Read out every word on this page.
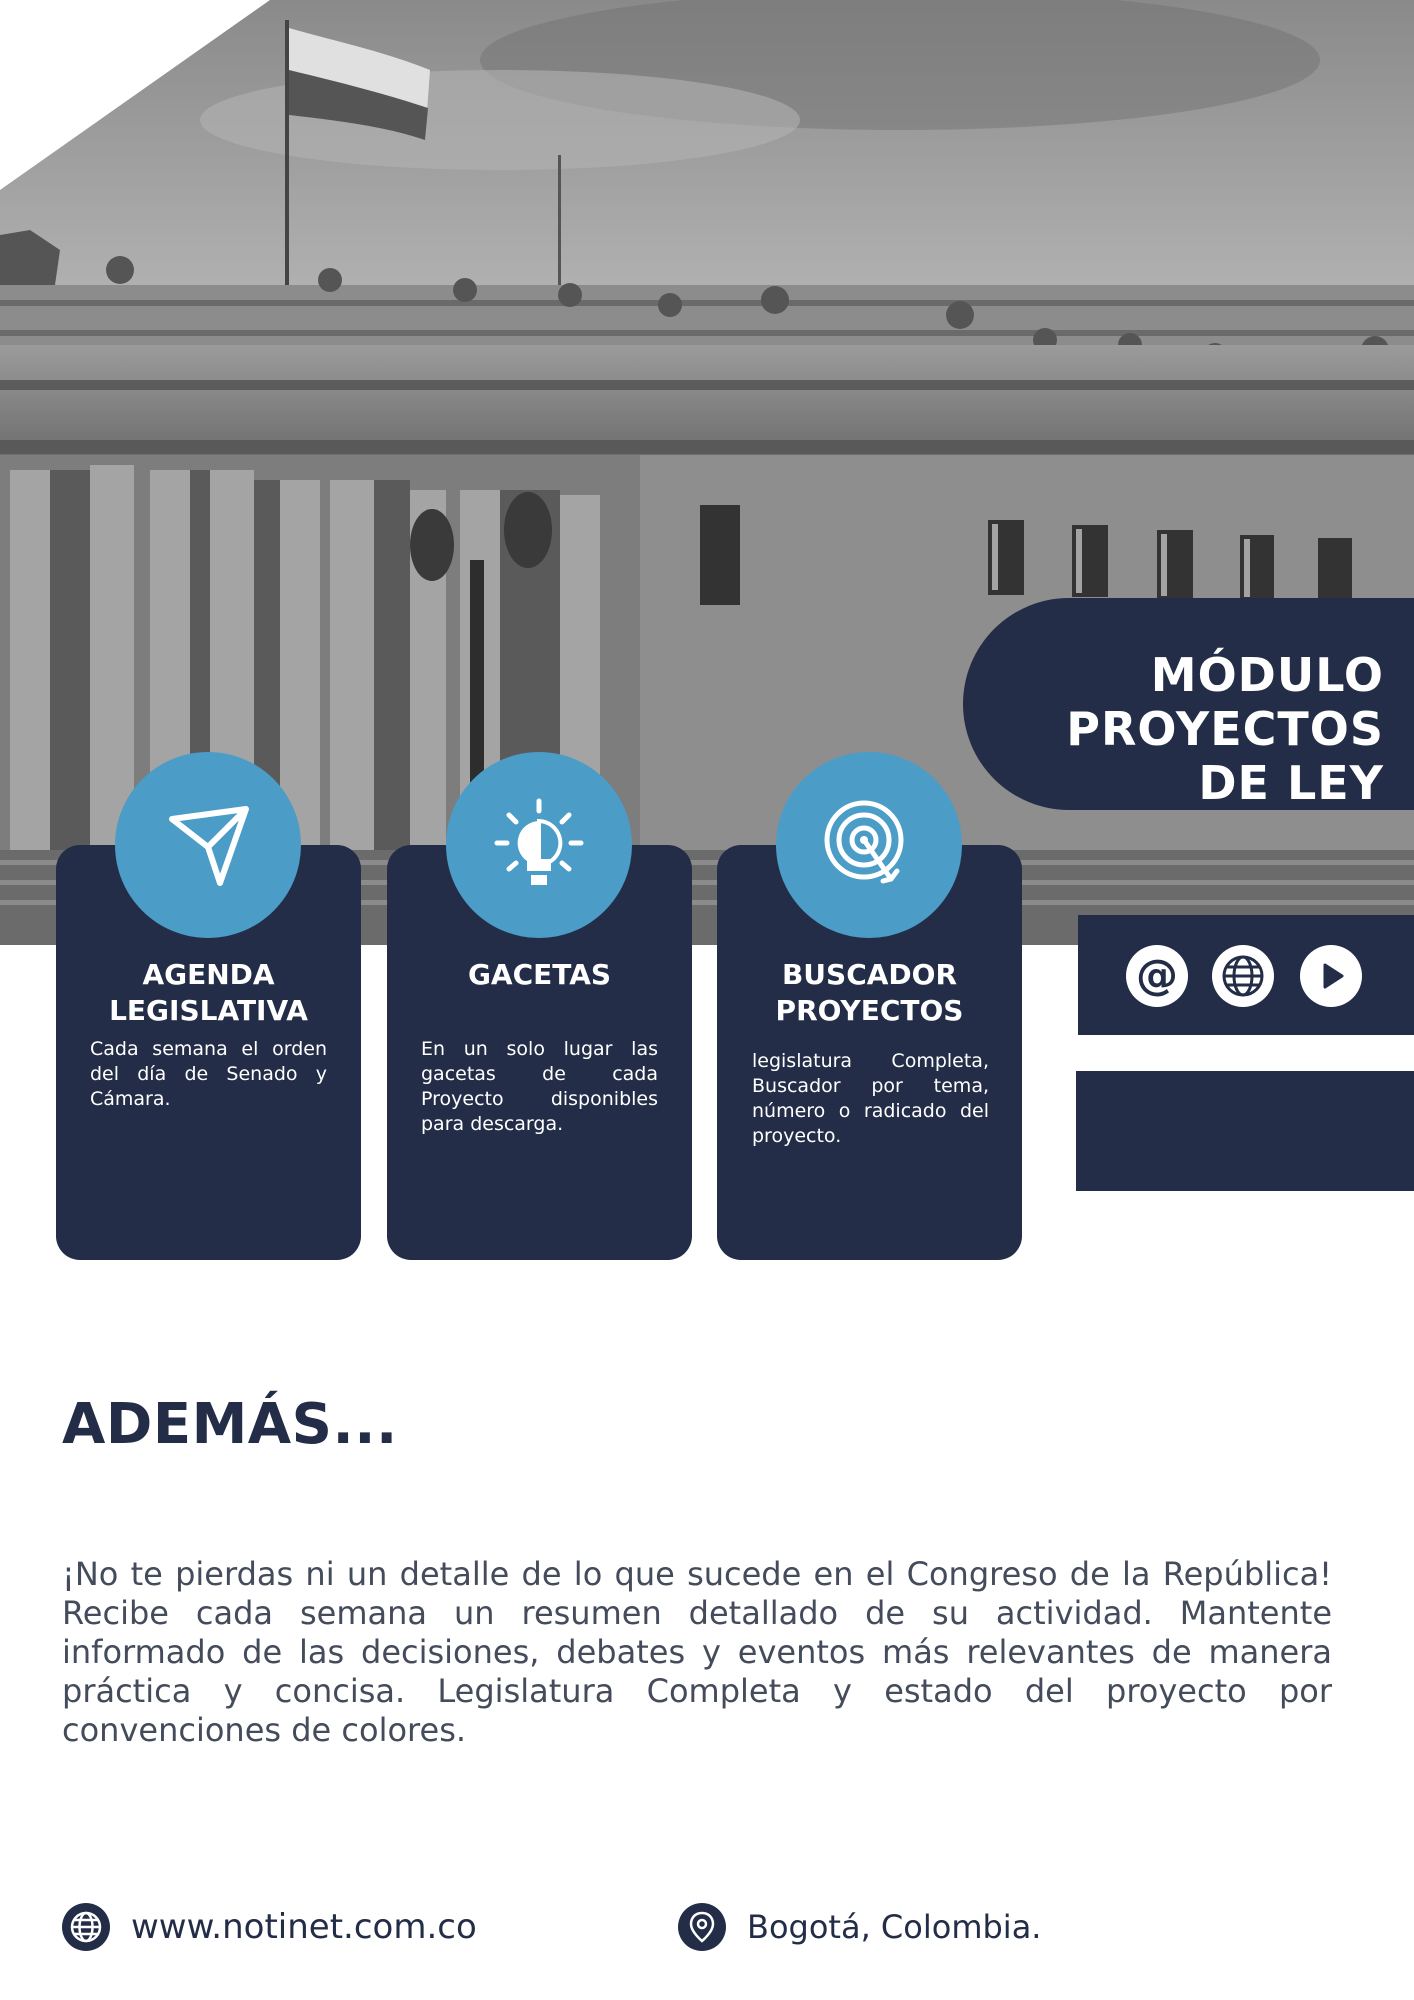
MÓDULO
PROYECTOS
DE LEY
AGENDA
LEGISLATIVA
Cada semana el orden del día de Senado y Cámara.
GACETAS
En un solo lugar las gacetas de cada Proyecto disponibles para descarga.
BUSCADOR
PROYECTOS
legislatura Completa, Buscador por tema, número o radicado del proyecto.
@
ADEMÁS...
¡No te pierdas ni un detalle de lo que sucede en el Congreso de la República! Recibe cada semana un resumen detallado de su actividad. Mantente informado de las decisiones, debates y eventos más relevantes de manera práctica y concisa. Legislatura Completa y estado del proyecto por convenciones de colores.
www.notinet.com.co	Bogotá, Colombia.
